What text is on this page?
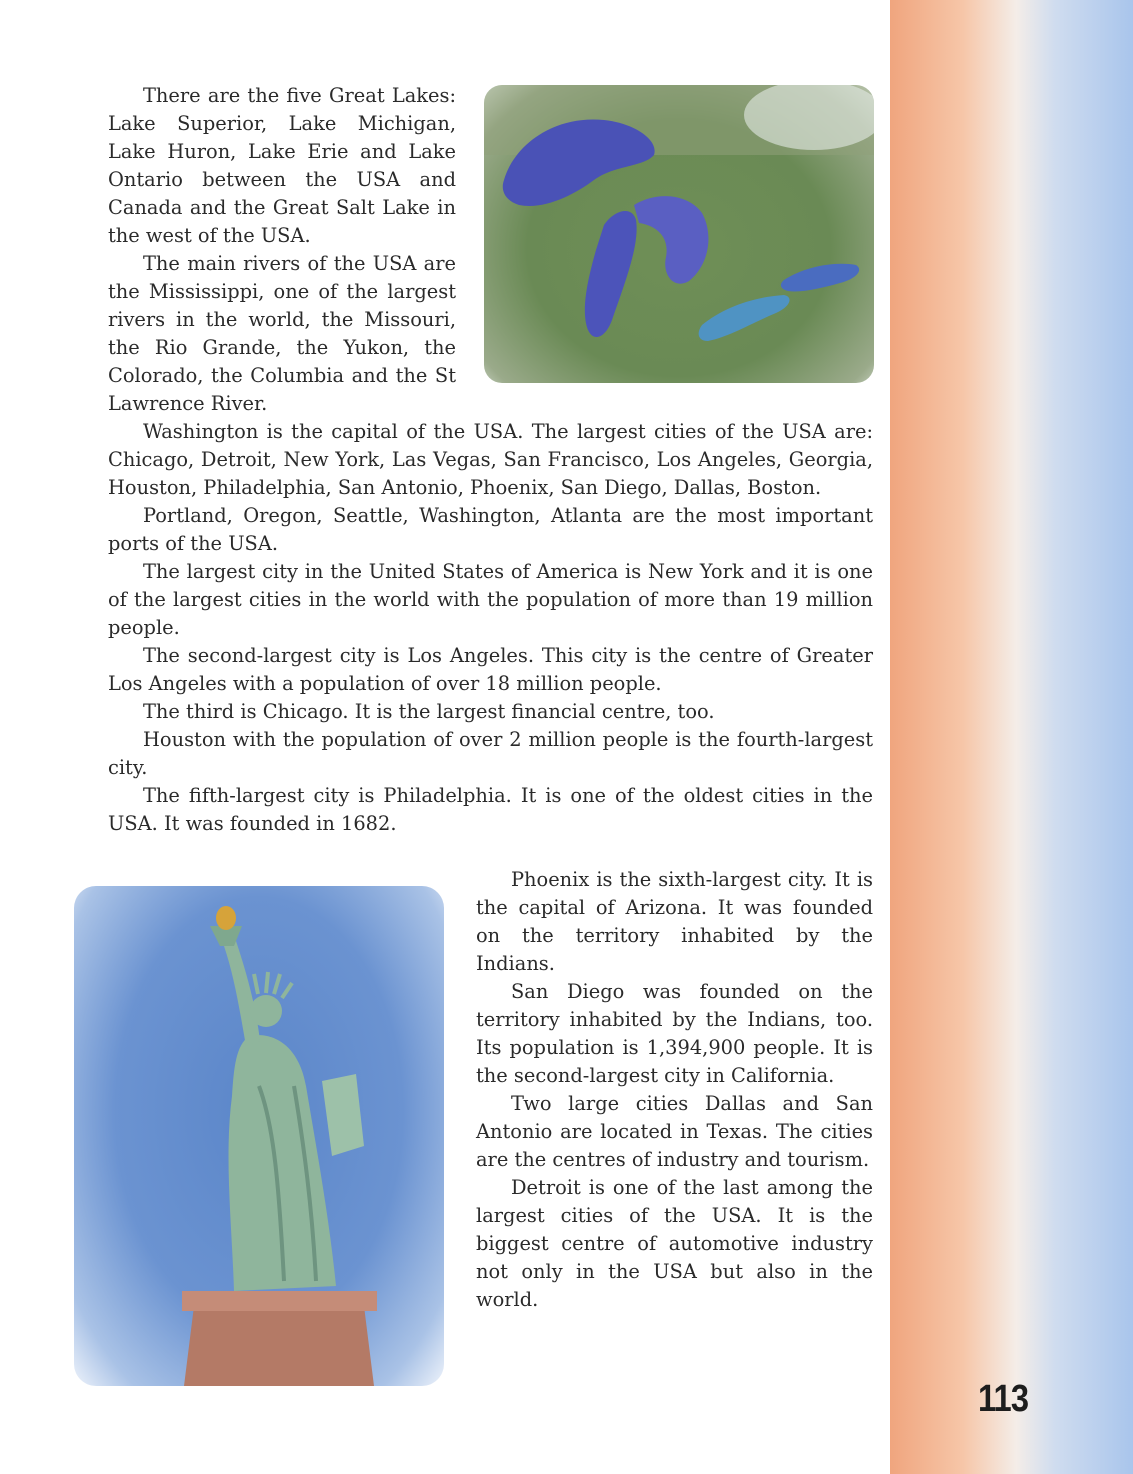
There are the five Great Lakes: Lake Superior, Lake Michigan, Lake Huron, Lake Erie and Lake Ontario between the USA and Canada and the Great Salt Lake in the west of the USA.

The main rivers of the USA are the Mississippi, one of the largest rivers in the world, the Missouri, the Rio Grande, the Yukon, the Colorado, the Columbia and the St Lawrence River.

Washington is the capital of the USA. The largest cities of the USA are: Chicago, Detroit, New York, Las Vegas, San Francisco, Los Angeles, Georgia, Houston, Philadelphia, San Antonio, Phoenix, San Diego, Dallas, Boston.

Portland, Oregon, Seattle, Washington, Atlanta are the most important ports of the USA.

The largest city in the United States of America is New York and it is one of the largest cities in the world with the population of more than 19 million people.

The second-largest city is Los Angeles. This city is the centre of Greater Los Angeles with a population of over 18 million people.

The third is Chicago. It is the largest financial centre, too.

Houston with the population of over 2 million people is the fourth-largest city.

The fifth-largest city is Philadelphia. It is one of the oldest cities in the USA. It was founded in 1682.

Phoenix is the sixth-largest city. It is the capital of Arizona. It was founded on the territory inhabited by the Indians.

San Diego was founded on the territory inhabited by the Indians, too. Its population is 1,394,900 people. It is the second-largest city in California.

Two large cities Dallas and San Antonio are located in Texas. The cities are the centres of industry and tourism.

Detroit is one of the last among the largest cities of the USA. It is the biggest centre of automotive industry not only in the USA but also in the world.

113
